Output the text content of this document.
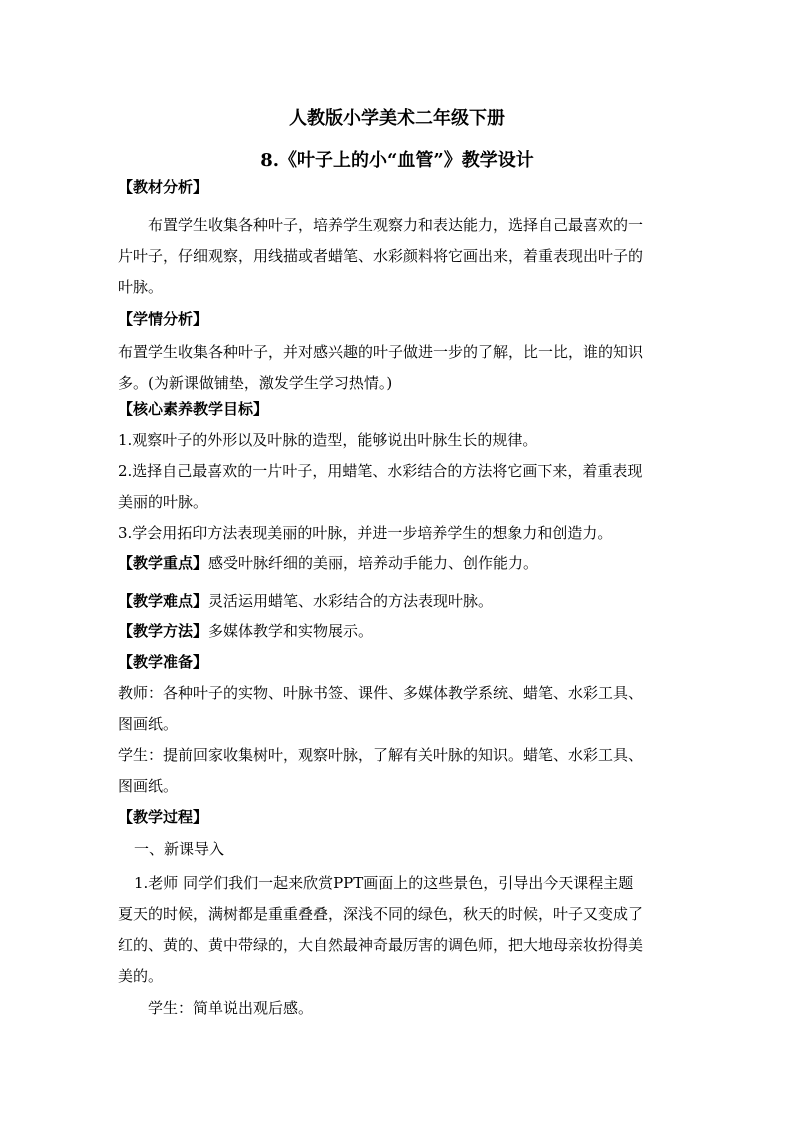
人教版小学美术二年级下册
8.《叶子上的小“血管”》教学设计
【教材分析】
布置学生收集各种叶子，培养学生观察力和表达能力，选择自己最喜欢的一
片叶子，仔细观察，用线描或者蜡笔、水彩颜料将它画出来，着重表现出叶子的
叶脉。
【学情分析】
布置学生收集各种叶子，并对感兴趣的叶子做进一步的了解，比一比，谁的知识
多。(为新课做铺垫，激发学生学习热情。)
【核心素养教学目标】
1.观察叶子的外形以及叶脉的造型，能够说出叶脉生长的规律。
2.选择自己最喜欢的一片叶子，用蜡笔、水彩结合的方法将它画下来，着重表现
美丽的叶脉。
3.学会用拓印方法表现美丽的叶脉，并进一步培养学生的想象力和创造力。
【教学重点】感受叶脉纤细的美丽，培养动手能力、创作能力。
【教学难点】灵活运用蜡笔、水彩结合的方法表现叶脉。
【教学方法】多媒体教学和实物展示。
【教学准备】
教师：各种叶子的实物、叶脉书签、课件、多媒体教学系统、蜡笔、水彩工具、
图画纸。
学生：提前回家收集树叶，观察叶脉，了解有关叶脉的知识。蜡笔、水彩工具、
图画纸。
【教学过程】
一、新课导入
1.老师 同学们我们一起来欣赏PPT画面上的这些景色，引导出今天课程主题
夏天的时候，满树都是重重叠叠，深浅不同的绿色，秋天的时候，叶子又变成了
红的、黄的、黄中带绿的，大自然最神奇最厉害的调色师，把大地母亲妆扮得美
美的。
学生：简单说出观后感。
